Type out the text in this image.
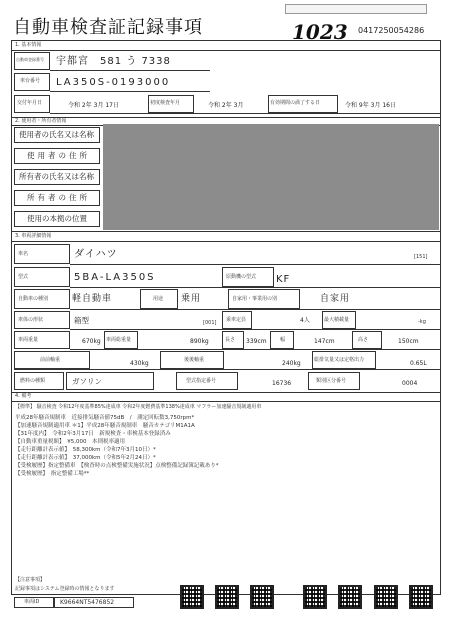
自動車検査証記録事項	1023 0417250054286
1. 基本情報
自動車登録番号 宇都宮　581 う 7338
車台番号 LA350S-0193000
交付年月日	令和 2年 3月 17日	初度検査年月	令和 2年 3月	有効期間の満了する日	令和 9年 3月 16日
2. 使用者・所有者情報
使用者の氏名又は名称
使用者の住所
所有者の氏名又は名称
所有者の住所
使用の本拠の位置
3. 車両詳細情報
車名	ダイハツ	[151]
型式	5BA-LA350S	原動機の型式 KF
自動車の種別	軽自動車	用途 乗用	自家用・事業用の別	自家用
車体の形状	箱型	[001] 乗車定員	4人	最大積載量	-kg
車両重量	670kg 車両総重量	890kg	長さ 339cm	幅	147cm	高さ	150cm
前前軸重	430kg	後後軸重	240kg	総排気量又は定格出力	0.65L
燃料の種類	ガソリン	型式指定番号	16736	類別区分番号	0004
4. 備考
【標準】 騒音検査 令和12年度基準85%達成車 令和2年度燃費基準138%達成車 マフラー加速騒音規制適用車
平成28年騒音規制車　近接排気騒音値75dB　/　測定回転数3,750rpm*
【加速騒音規制適用車 ＊1】平成28年騒音規制車　騒音カテゴリM1A1A
【31年度内】　令和2年3月17日　新規検査・車検基本登録済み
【自動車重量税額】　¥5,000　本則税率適用
【走行距離計表示値】　58,300km（令和7年3月10日）*
【走行距離計表示値】　37,000km（令和5年2月24日）*
【受検履歴】指定整備車　【検査時の点検整備実施状況】点検整備記録簿記載あり*
【受検履歴】　指定整備工場**
【注意事項】
記録事項はシステム登録時の情報となります
車両ID	K9664NT5476852
